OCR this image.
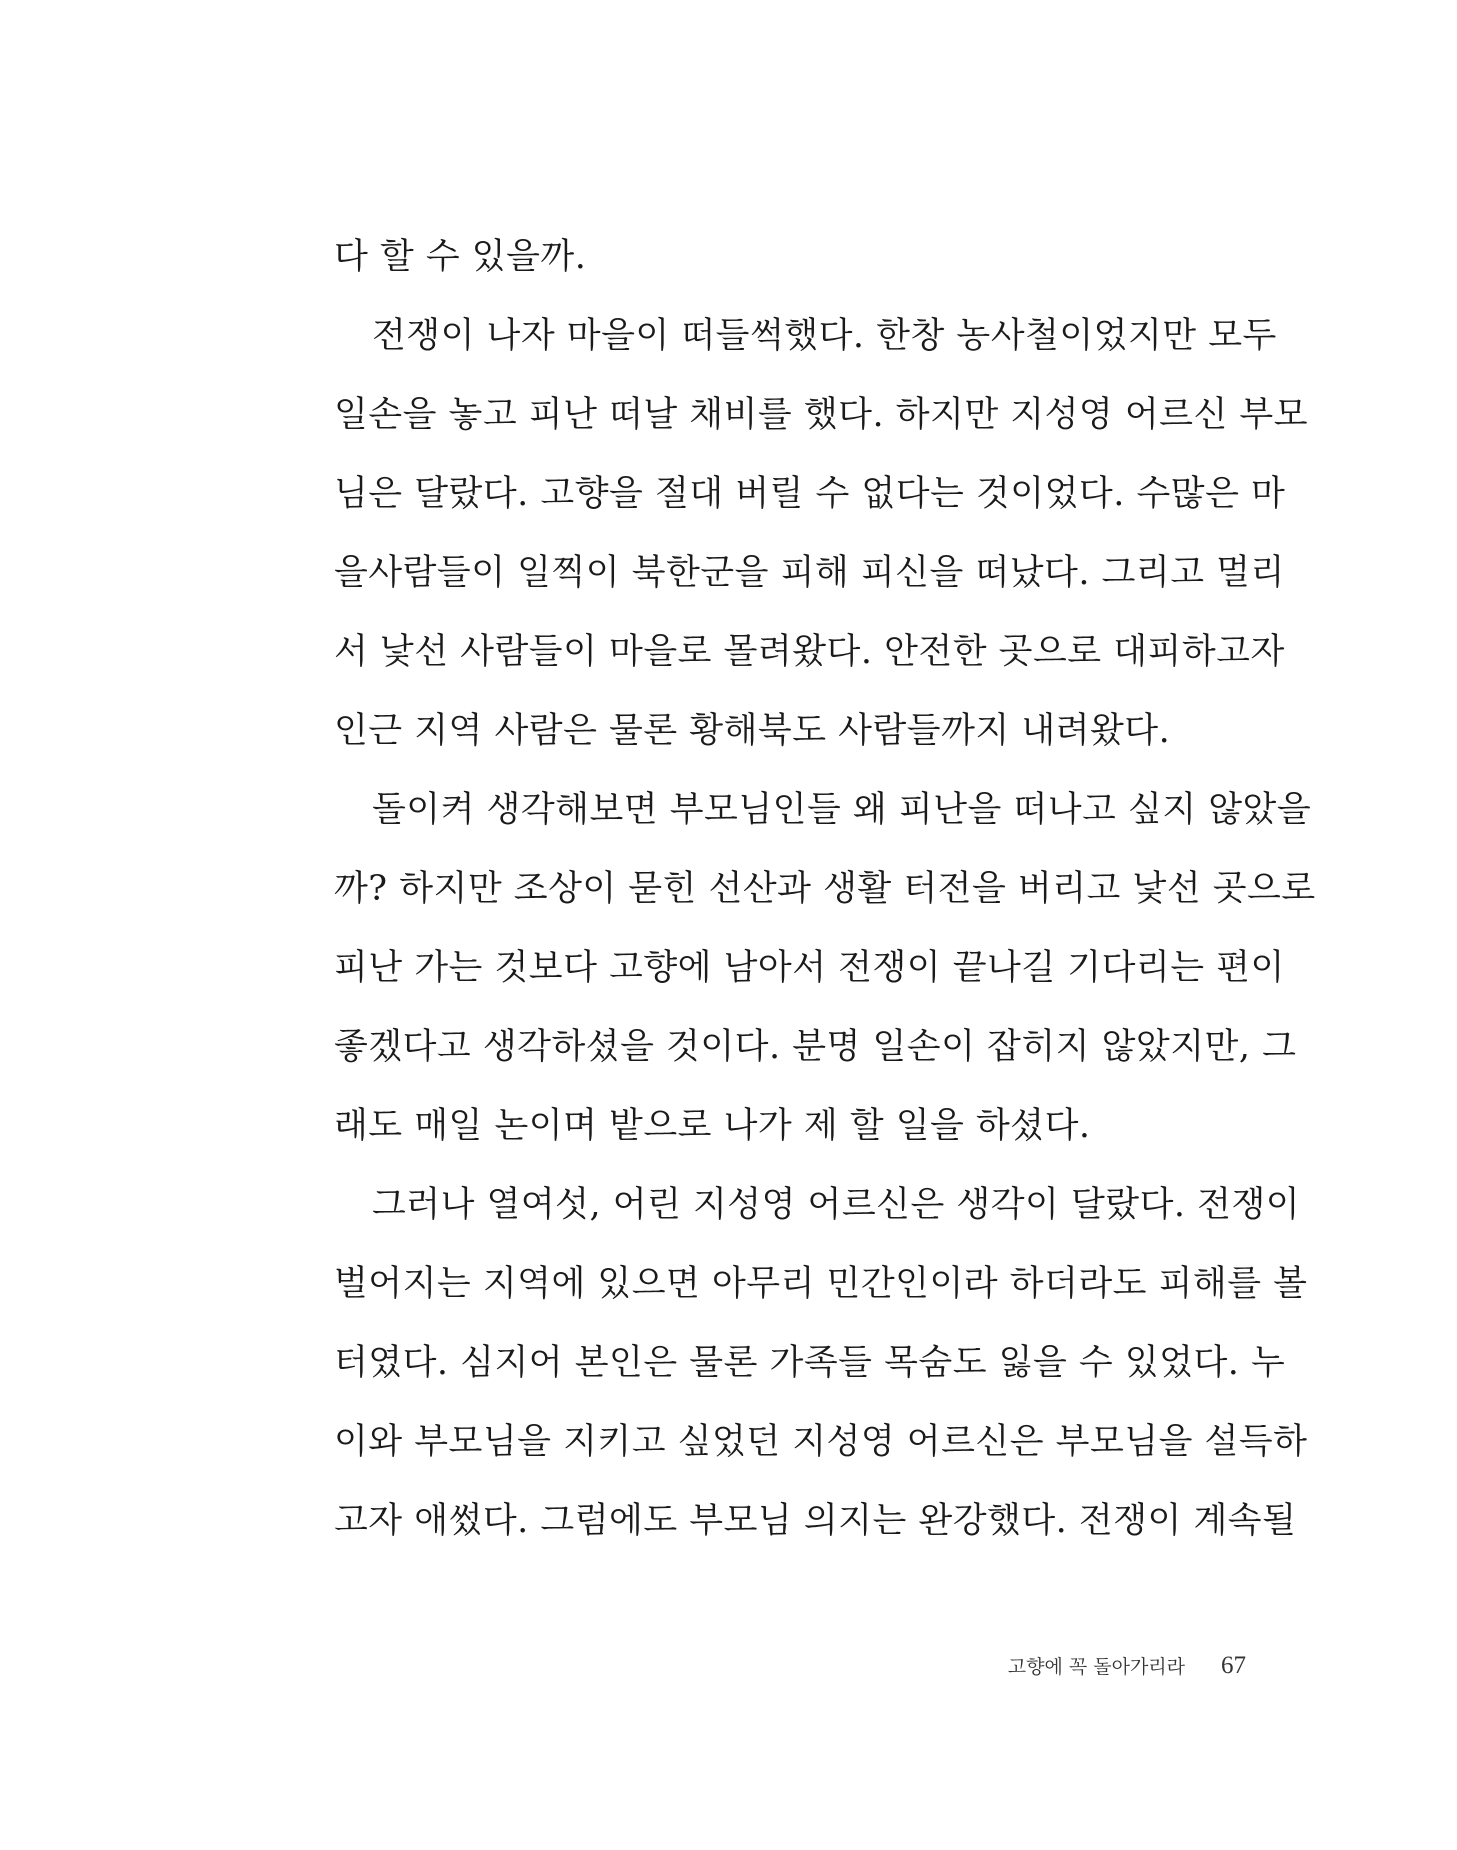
다 할 수 있을까.
전쟁이 나자 마을이 떠들썩했다. 한창 농사철이었지만 모두
일손을 놓고 피난 떠날 채비를 했다. 하지만 지성영 어르신 부모
님은 달랐다. 고향을 절대 버릴 수 없다는 것이었다. 수많은 마
을사람들이 일찍이 북한군을 피해 피신을 떠났다. 그리고 멀리
서 낯선 사람들이 마을로 몰려왔다. 안전한 곳으로 대피하고자
인근 지역 사람은 물론 황해북도 사람들까지 내려왔다.
돌이켜 생각해보면 부모님인들 왜 피난을 떠나고 싶지 않았을
까? 하지만 조상이 묻힌 선산과 생활 터전을 버리고 낯선 곳으로
피난 가는 것보다 고향에 남아서 전쟁이 끝나길 기다리는 편이
좋겠다고 생각하셨을 것이다. 분명 일손이 잡히지 않았지만, 그
래도 매일 논이며 밭으로 나가 제 할 일을 하셨다.
그러나 열여섯, 어린 지성영 어르신은 생각이 달랐다. 전쟁이
벌어지는 지역에 있으면 아무리 민간인이라 하더라도 피해를 볼
터였다. 심지어 본인은 물론 가족들 목숨도 잃을 수 있었다. 누
이와 부모님을 지키고 싶었던 지성영 어르신은 부모님을 설득하
고자 애썼다. 그럼에도 부모님 의지는 완강했다. 전쟁이 계속될
고향에 꼭 돌아가리라 67
